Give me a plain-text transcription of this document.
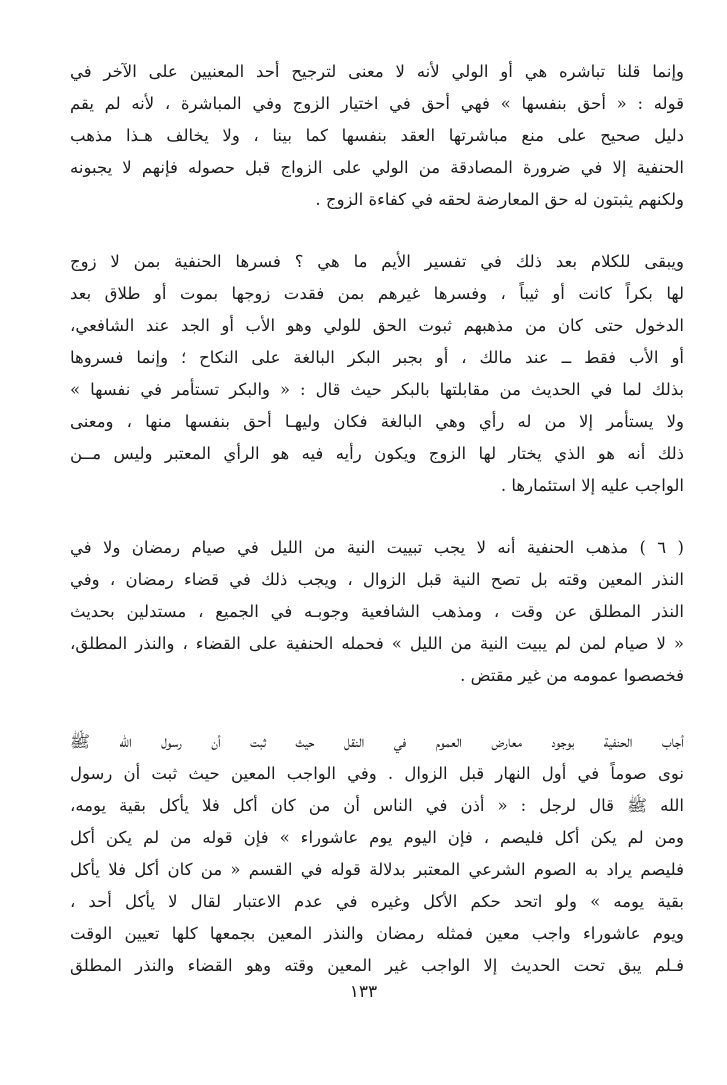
وإنما قلنا تباشره هي أو الولي لأنه لا معنى لترجيح أحد المعنيين على الآخر في
قوله : « أحق بنفسها » فهي أحق في اختيار الزوج وفي المباشرة ، لأنه لم يقم
دليل صحيح على منع مباشرتها العقد بنفسها كما بينا ، ولا يخالف هـذا مذهب
الحنفية إلا في ضرورة المصادقة من الولي على الزواج قبل حصوله فإنهم لا يجبونه
ولكنهم يثبتون له حق المعارضة لحقه في كفاءة الزوج .
ويبقى للكلام بعد ذلك في تفسير الأيم ما هي ؟ فسرها الحنفية بمن لا زوج
لها بكراً كانت أو ثيباً ، وفسرها غيرهم بمن فقدت زوجها بموت أو طلاق بعد
الدخول حتى كان من مذهبهم ثبوت الحق للولي وهو الأب أو الجد عند الشافعي،
أو الأب فقط ــ عند مالك ، أو بجبر البكر البالغة على النكاح ؛ وإنما فسروها
بذلك لما في الحديث من مقابلتها بالبكر حيث قال : « والبكر تستأمر في نفسها »
ولا يستأمر إلا من له رأي وهي البالغة فكان وليهـا أحق بنفسها منها ، ومعنى
ذلك أنه هو الذي يختار لها الزوج ويكون رأيه فيه هو الرأي المعتبر وليس مــن
الواجب عليه إلا استئمارها .
( ٦ ) مذهب الحنفية أنه لا يجب تبييت النية من الليل في صيام رمضان ولا في
النذر المعين وقته بل تصح النية قبل الزوال ، ويجب ذلك في قضاء رمضان ، وفي
النذر المطلق عن وقت ، ومذهب الشافعية وجوبـه في الجميع ، مستدلين بحديث
« لا صيام لمن لم يبيت النية من الليل » فحمله الحنفية على القضاء ، والنذر المطلق،
فخصصوا عمومه من غير مقتض .
أجاب الحنفية بوجود معارض العموم في النقل حيث ثبت أن رسول الله ﷺ
نوى صوماً في أول النهار قبل الزوال . وفي الواجب المعين حيث ثبت أن رسول
الله ﷺ قال لرجل : « أذن في الناس أن من كان أكل فلا يأكل بقية يومه،
ومن لم يكن أكل فليصم ، فإن اليوم يوم عاشوراء » فإن قوله من لم يكن أكل
فليصم يراد به الصوم الشرعي المعتبر بدلالة قوله في القسم « من كان أكل فلا يأكل
بقية يومه » ولو اتحد حكم الأكل وغيره في عدم الاعتبار لقال لا يأكل أحد ،
ويوم عاشوراء واجب معين فمثله رمضان والنذر المعين بجمعها كلها تعيين الوقت
فـلم يبق تحت الحديث إلا الواجب غير المعين وقته وهو القضاء والنذر المطلق
١٣٣
